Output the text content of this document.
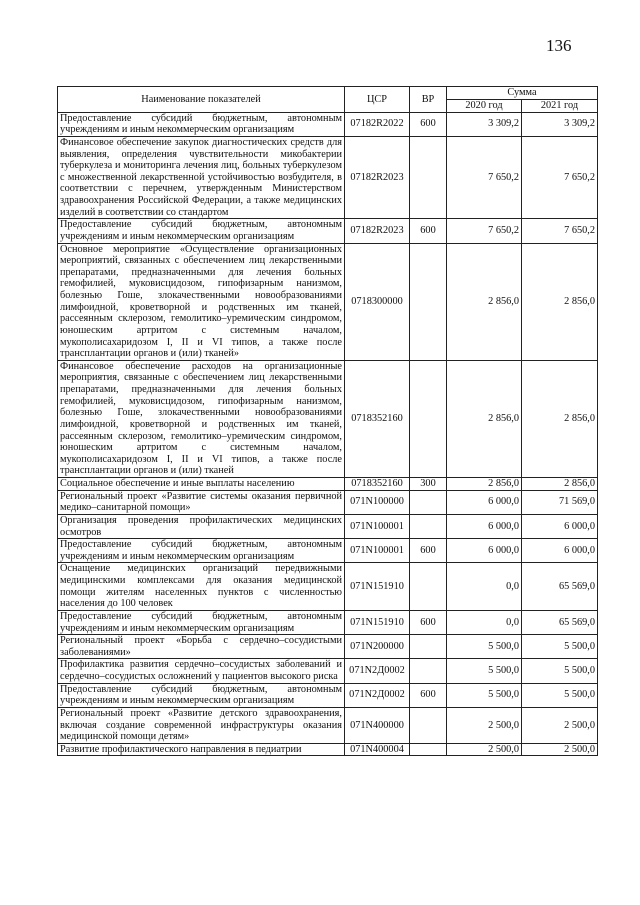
136
Наименование показателей	ЦСР	ВР	Сумма	
			2020 год	2021 год
Предоставление субсидий бюджетным, автономным учреждениям и иным некоммерческим организациям	07182R2022	600	3 309,2	3 309,2
Финансовое обеспечение закупок диагностических средств для выявления, определения чувствительности микобактерии туберкулеза и мониторинга лечения лиц, больных туберкулезом с множественной лекарственной устойчивостью возбудителя, в соответствии с перечнем, утвержденным Министерством здравоохранения Российской Федерации, а также медицинских изделий в соответствии со стандартом	07182R2023		7 650,2	7 650,2
Предоставление субсидий бюджетным, автономным учреждениям и иным некоммерческим организациям	07182R2023	600	7 650,2	7 650,2
Основное мероприятие «Осуществление организационных мероприятий, связанных с обеспечением лиц лекарственными препаратами, предназначенными для лечения больных гемофилией, муковисцидозом, гипофизарным нанизмом, болезнью Гоше, злокачественными новообразованиями лимфоидной, кроветворной и родственных им тканей, рассеянным склерозом, гемолитико–уремическим синдромом, юношеским артритом с системным началом, мукополисахаридозом I, II и VI типов, а также после трансплантации органов и (или) тканей»	0718300000		2 856,0	2 856,0
Финансовое обеспечение расходов на организационные мероприятия, связанные с обеспечением лиц лекарственными препаратами, предназначенными для лечения больных гемофилией, муковисцидозом, гипофизарным нанизмом, болезнью Гоше, злокачественными новообразованиями лимфоидной, кроветворной и родственных им тканей, рассеянным склерозом, гемолитико–уремическим синдромом, юношеским артритом с системным началом, мукополисахаридозом I, II и VI типов, а также после трансплантации органов и (или) тканей	0718352160		2 856,0	2 856,0
Социальное обеспечение и иные выплаты населению	0718352160	300	2 856,0	2 856,0
Региональный проект «Развитие системы оказания первичной медико–санитарной помощи»	071N100000		6 000,0	71 569,0
Организация проведения профилактических медицинских осмотров	071N100001		6 000,0	6 000,0
Предоставление субсидий бюджетным, автономным учреждениям и иным некоммерческим организациям	071N100001	600	6 000,0	6 000,0
Оснащение медицинских организаций передвижными медицинскими комплексами для оказания медицинской помощи жителям населенных пунктов с численностью населения до 100 человек	071N151910		0,0	65 569,0
Предоставление субсидий бюджетным, автономным учреждениям и иным некоммерческим организациям	071N151910	600	0,0	65 569,0
Региональный проект «Борьба с сердечно–сосудистыми заболеваниями»	071N200000		5 500,0	5 500,0
Профилактика развития сердечно–сосудистых заболеваний и сердечно–сосудистых осложнений у пациентов высокого риска	071N2Д0002		5 500,0	5 500,0
Предоставление субсидий бюджетным, автономным учреждениям и иным некоммерческим организациям	071N2Д0002	600	5 500,0	5 500,0
Региональный проект «Развитие детского здравоохранения, включая создание современной инфраструктуры оказания медицинской помощи детям»	071N400000		2 500,0	2 500,0
Развитие профилактического направления в педиатрии	071N400004		2 500,0	2 500,0
